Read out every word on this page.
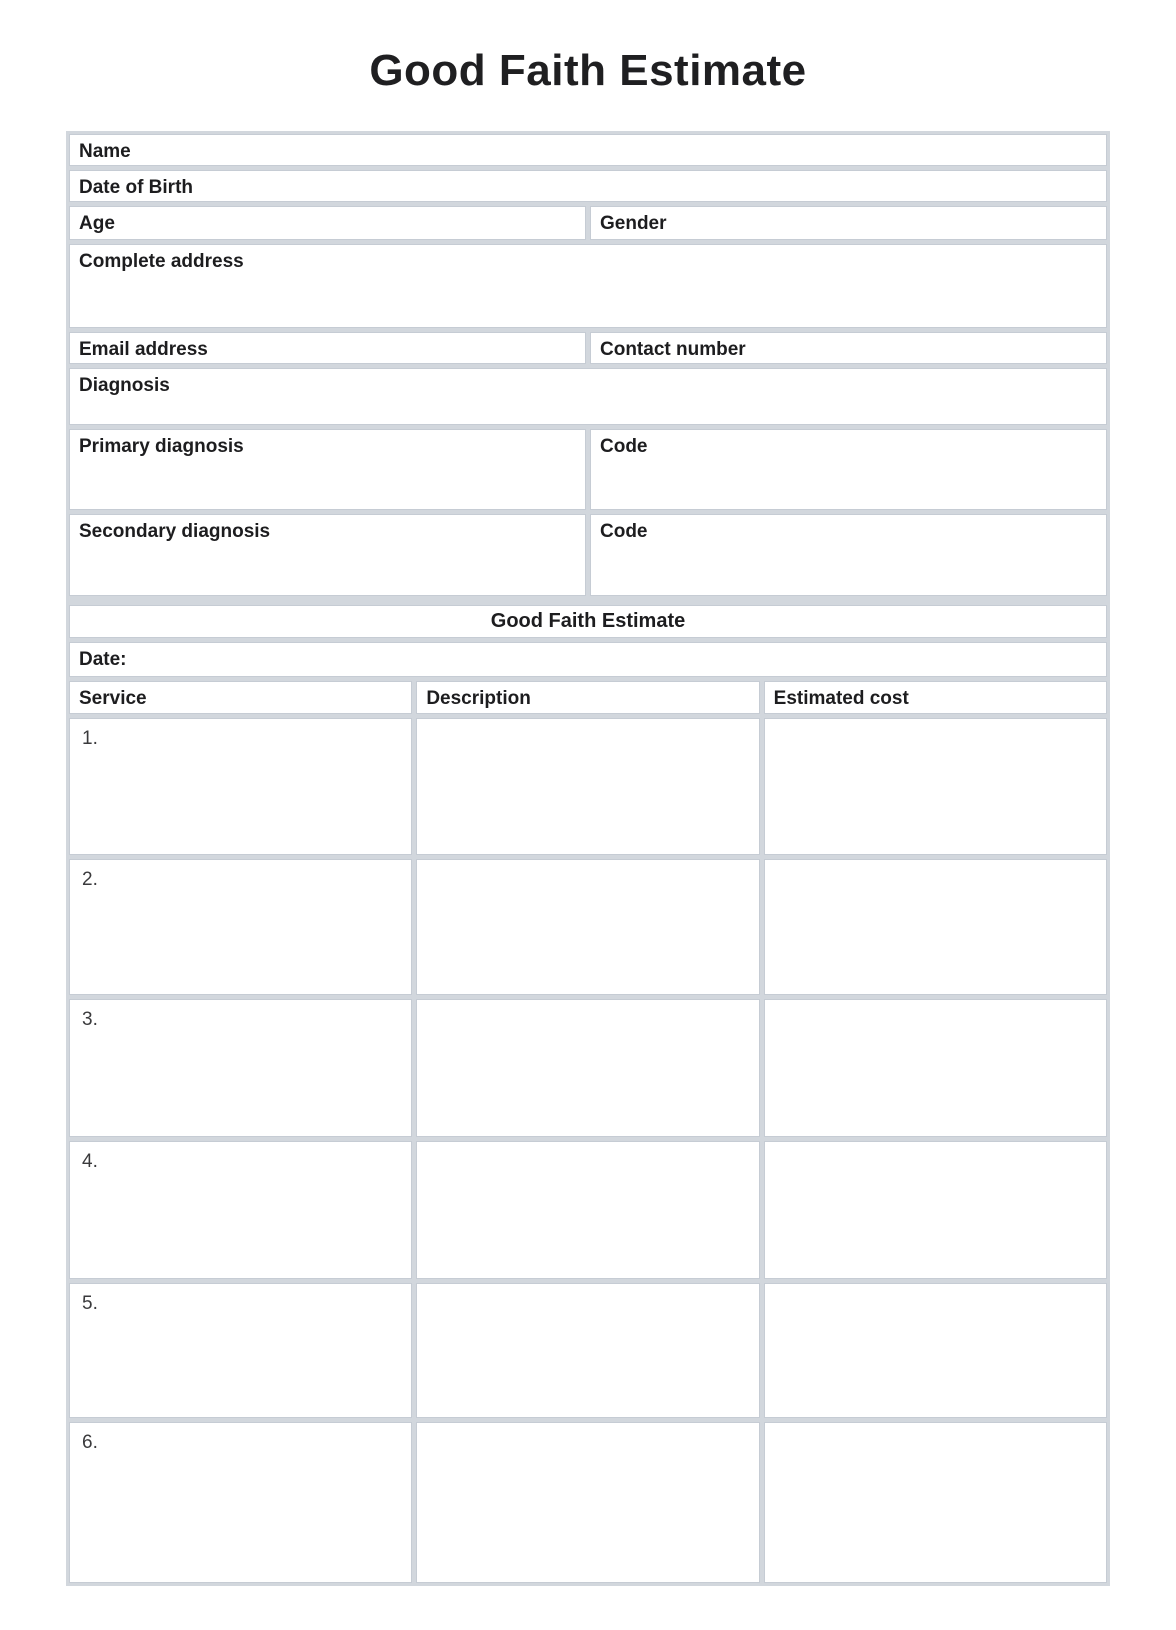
Good Faith Estimate
Name
Date of Birth
Age	Gender
Complete address
Email address	Contact number
Diagnosis
Primary diagnosis	Code
Secondary diagnosis	Code
Good Faith Estimate
Date:
Service	Description	Estimated cost
1.
2.
3.
4.
5.
6.
